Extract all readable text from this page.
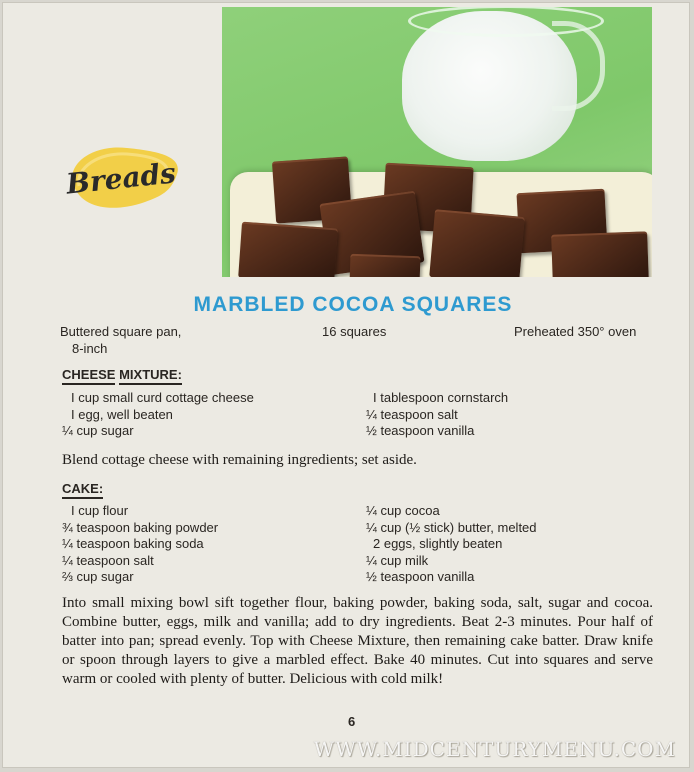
Breads
MARBLED COCOA SQUARES
Buttered square pan,
8-inch
16 squares	Preheated 350° oven
CHEESE MIXTURE:
I cup small curd cottage cheese
I egg, well beaten
¼ cup sugar
I tablespoon cornstarch
¼ teaspoon salt
½ teaspoon vanilla
Blend cottage cheese with remaining ingredients; set aside.
CAKE:
I cup flour
¾ teaspoon baking powder
¼ teaspoon baking soda
¼ teaspoon salt
⅔ cup sugar
¼ cup cocoa
¼ cup (½ stick) butter, melted
2 eggs, slightly beaten
¼ cup milk
½ teaspoon vanilla
Into small mixing bowl sift together flour, baking powder, baking soda, salt, sugar and cocoa. Combine butter, eggs, milk and vanilla; add to dry ingredients. Beat 2-3 minutes. Pour half of batter into pan; spread evenly. Top with Cheese Mixture, then remaining cake batter. Draw knife or spoon through layers to give a marbled effect. Bake 40 minutes. Cut into squares and serve warm or cooled with plenty of butter. Delicious with cold milk!
6
WWW.MIDCENTURYMENU.COM
